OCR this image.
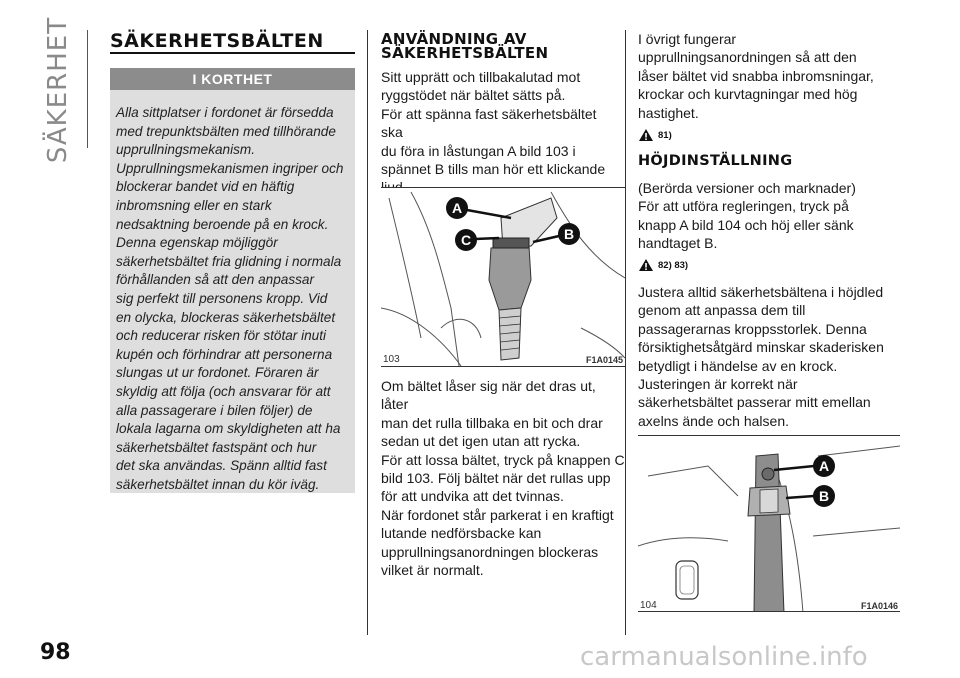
SÄKERHET SÄKERHETSBÄLTEN
I KORTHET
Alla sittplatser i fordonet är försedda
med trepunktsbälten med tillhörande
upprullningsmekanism.
Upprullningsmekanismen ingriper och
blockerar bandet vid en häftig
inbromsning eller en stark
nedsaktning beroende på en krock.
Denna egenskap möjliggör
säkerhetsbältet fria glidning i normala
förhållanden så att den anpassar
sig perfekt till personens kropp. Vid
en olycka, blockeras säkerhetsbältet
och reducerar risken för stötar inuti
kupén och förhindrar att personerna
slungas ut ur fordonet. Föraren är
skyldig att följa (och ansvarar för att
alla passagerare i bilen följer) de
lokala lagarna om skyldigheten att ha
säkerhetsbältet fastspänt och hur
det ska användas. Spänn alltid fast
säkerhetsbältet innan du kör iväg.
ANVÄNDNING AV
SÄKERHETSBÄLTEN
Sitt upprätt och tillbakalutad mot
ryggstödet när bältet sätts på.
För att spänna fast säkerhetsbältet ska
du föra in låstungan A bild 103 i
spännet B tills man hör ett klickande

A
C	B
103	F1A0145
Om bältet låser sig när det dras ut, låter
man det rulla tillbaka en bit och drar
sedan ut det igen utan att rycka.
För att lossa bältet, tryck på knappen C
bild 103. Följ bältet när det rullas upp
för att undvika att det tvinnas.
När fordonet står parkerat i en kraftigt
lutande nedförsbacke kan
upprullningsanordningen blockeras
vilket är normalt.
I övrigt fungerar
upprullningsanordningen så att den
låser bältet vid snabba inbromsningar,
krockar och kurvtagningar med hög
hastighet.
81)
HÖJDINSTÄLLNING
(Berörda versioner och marknader)
För att utföra regleringen, tryck på
knapp A bild 104 och höj eller sänk
handtaget B.
82) 83)
Justera alltid säkerhetsbältena i höjdled
genom att anpassa dem till
passagerarnas kroppsstorlek. Denna
försiktighetsåtgärd minskar skaderisken
betydligt i händelse av en krock.
Justeringen är korrekt när
säkerhetsbältet passerar mitt emellan
axelns ände och halsen.
A
B
104	F1A0146
98	carmanualsonline.info
